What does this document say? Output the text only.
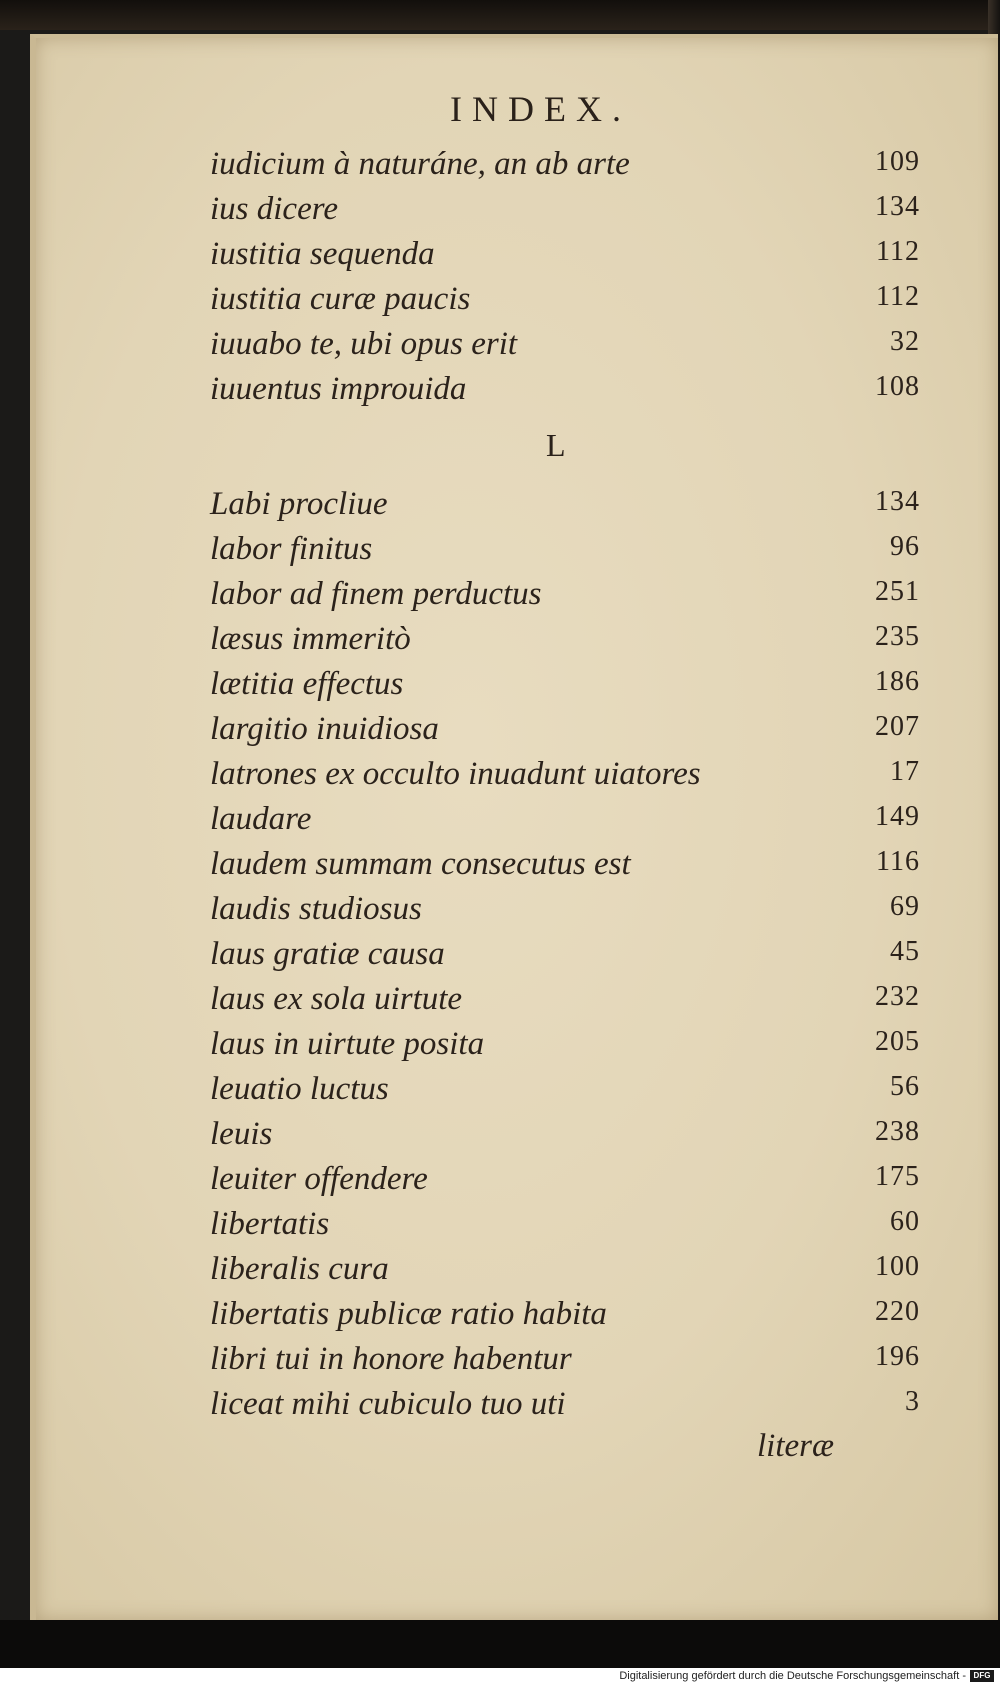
INDEX.
iudicium à naturáne, an ab arte	109
ius dicere	134
iustitia sequenda	112
iustitia curæ paucis	112
iuuabo te, ubi opus erit	32
iuuentus improuida	108
L
Labi procliue	134
labor finitus	96
labor ad finem perductus	251
læsus immeritò	235
lætitia effectus	186
largitio inuidiosa	207
latrones ex occulto inuadunt uiatores	17
laudare	149
laudem summam consecutus est	116
laudis studiosus	69
laus gratiæ causa	45
laus ex sola uirtute	232
laus in uirtute posita	205
leuatio luctus	56
leuis	238
leuiter offendere	175
libertatis	60
liberalis cura	100
libertatis publicæ ratio habita	220
libri tui in honore habentur	196
liceat mihi cubiculo tuo uti	3
literæ
Digitalisierung gefördert durch die Deutsche Forschungsgemeinschaft - DFG
